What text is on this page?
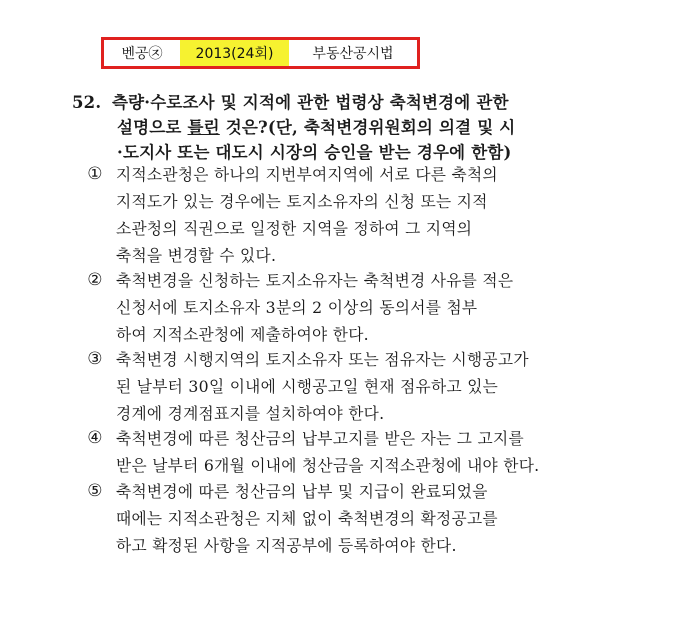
벤공㉨	2013(24회)	부동산공시법
52. 측량·수로조사 및 지적에 관한 법령상 축척변경에 관한
설명으로 틀린 것은?(단, 축척변경위원회의 의결 및 시
·도지사 또는 대도시 시장의 승인을 받는 경우에 한함)
① 지적소관청은 하나의 지번부여지역에 서로 다른 축척의
지적도가 있는 경우에는 토지소유자의 신청 또는 지적
소관청의 직권으로 일정한 지역을 정하여 그 지역의
축척을 변경할 수 있다.
② 축척변경을 신청하는 토지소유자는 축척변경 사유를 적은
신청서에 토지소유자 3분의 2 이상의 동의서를 첨부
하여 지적소관청에 제출하여야 한다.
③ 축척변경 시행지역의 토지소유자 또는 점유자는 시행공고가
된 날부터 30일 이내에 시행공고일 현재 점유하고 있는
경계에 경계점표지를 설치하여야 한다.
④ 축척변경에 따른 청산금의 납부고지를 받은 자는 그 고지를
받은 날부터 6개월 이내에 청산금을 지적소관청에 내야 한다.
⑤ 축척변경에 따른 청산금의 납부 및 지급이 완료되었을
때에는 지적소관청은 지체 없이 축척변경의 확정공고를
하고 확정된 사항을 지적공부에 등록하여야 한다.
